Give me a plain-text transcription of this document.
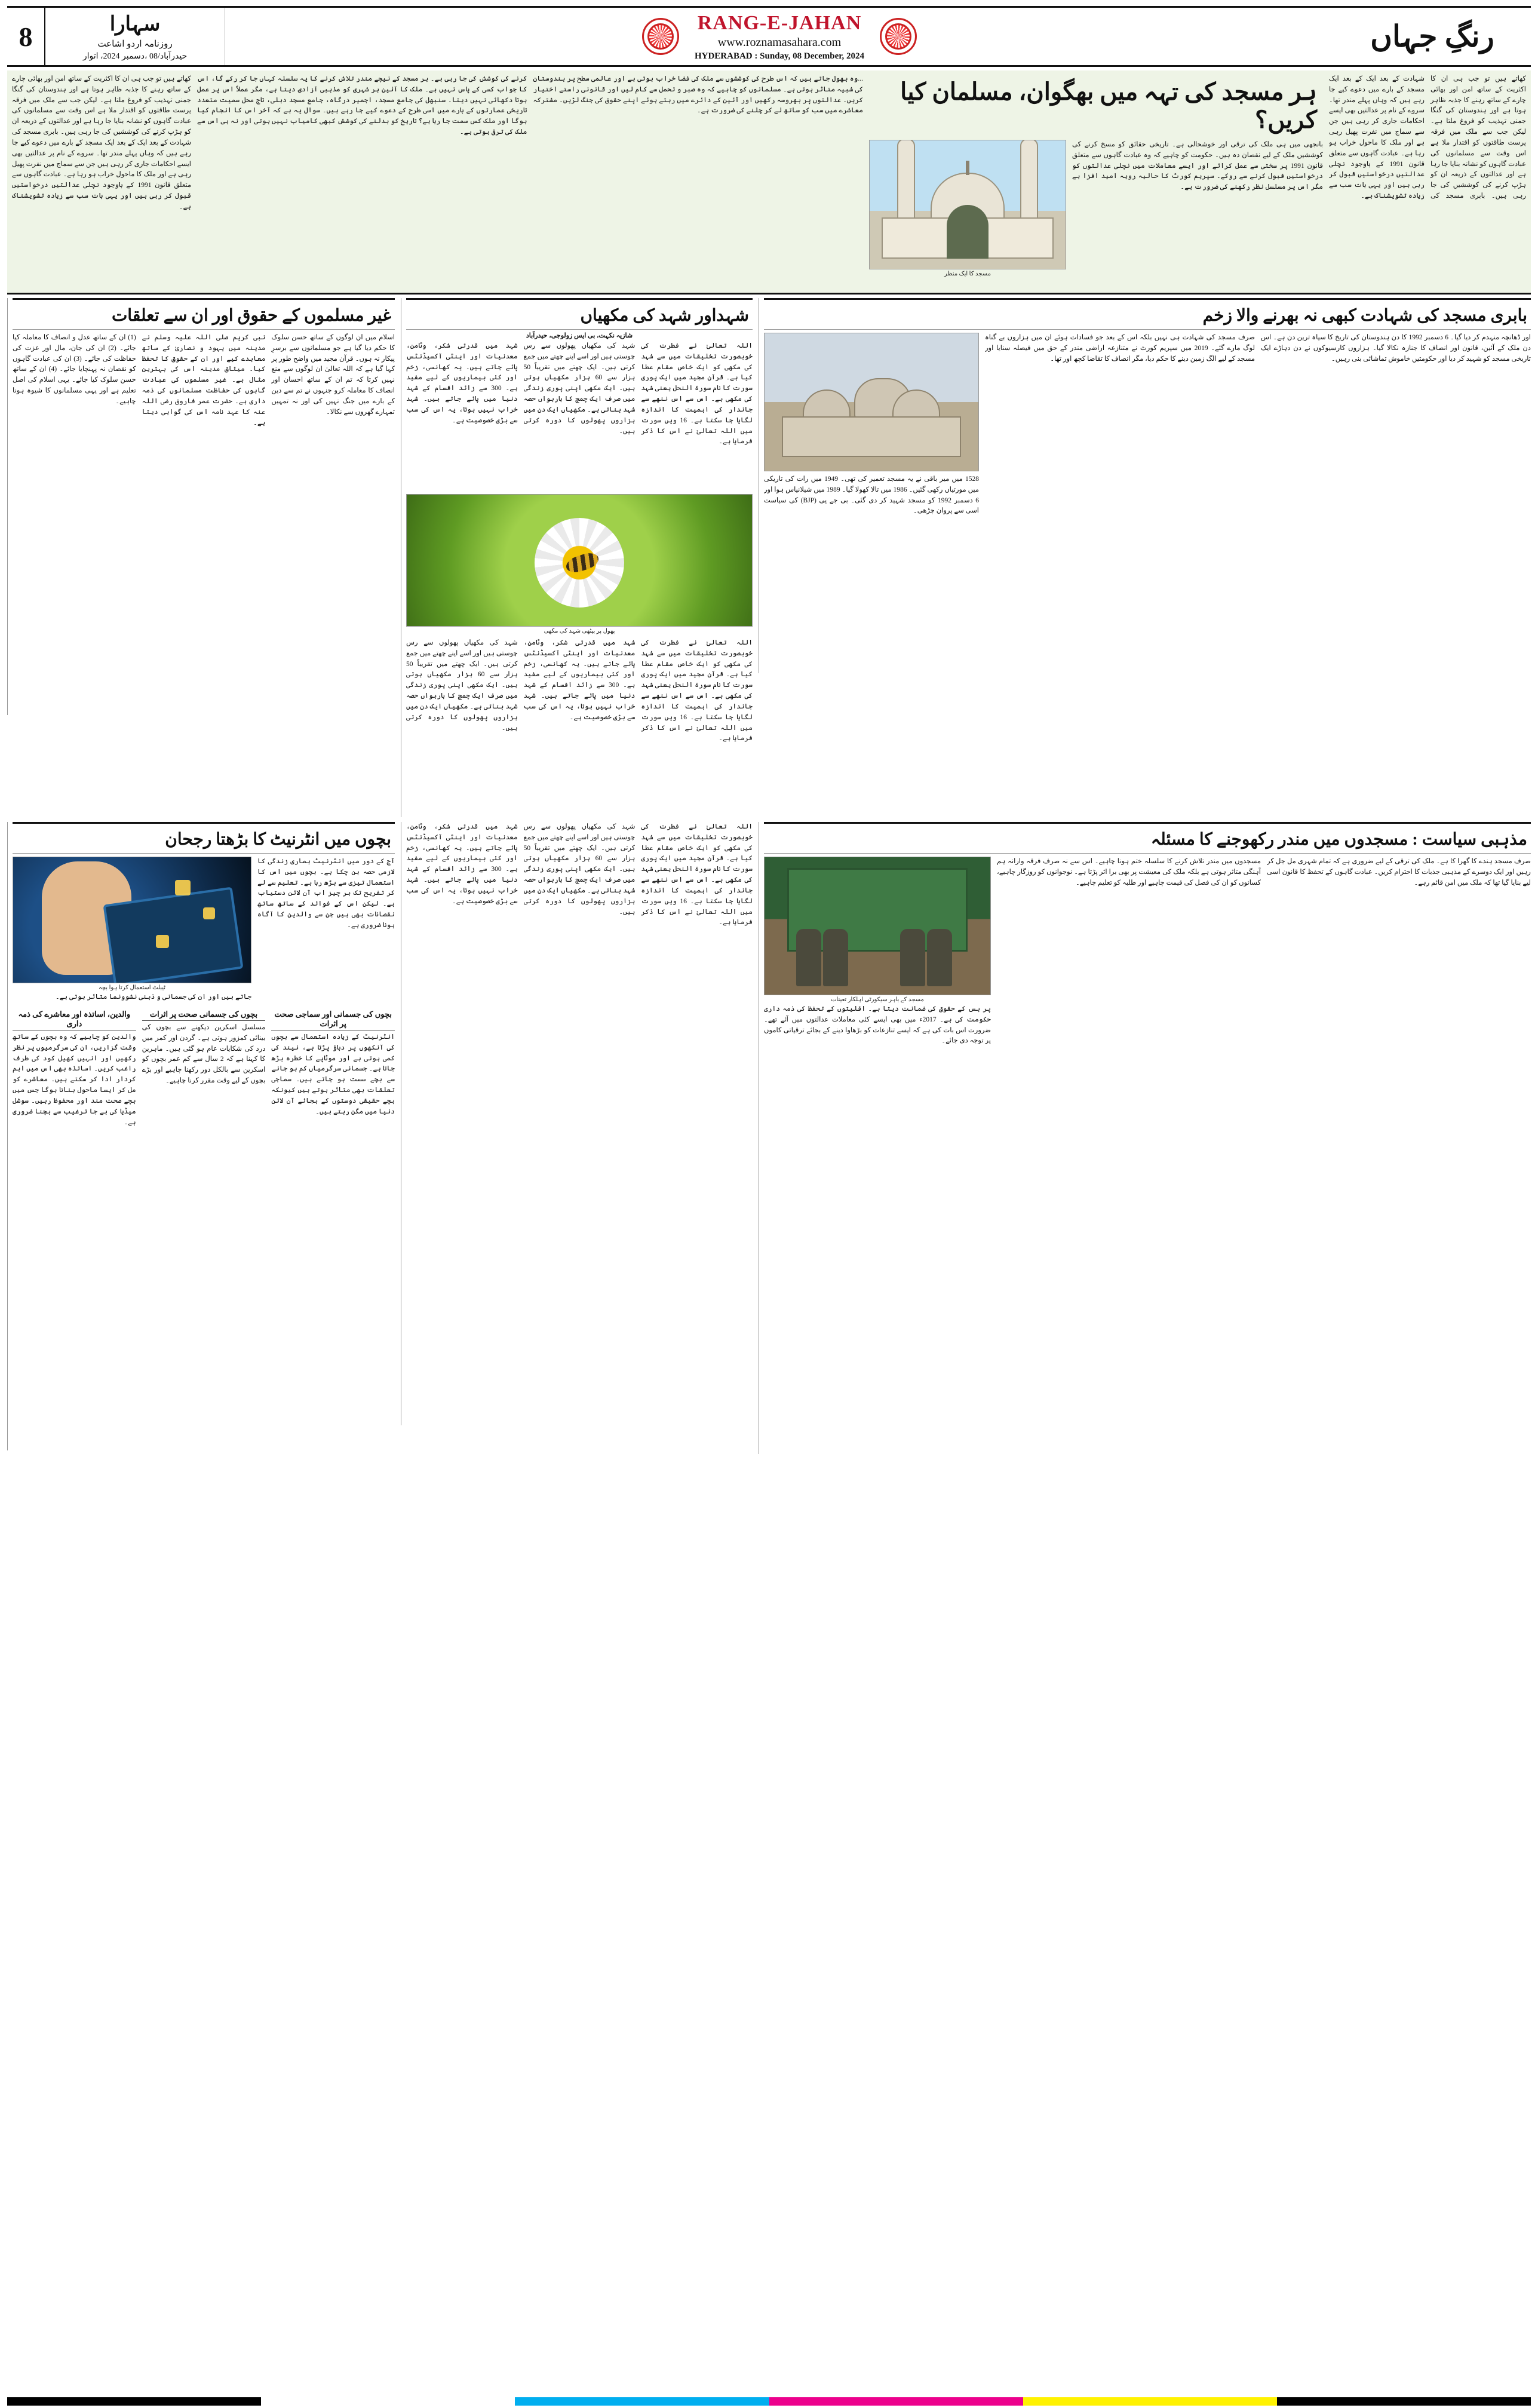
8	سہارا
روزنامہ اردو اشاعت
حیدرآباد/08 ،دسمبر 2024، اتوار
RANG-E-JAHAN
www.roznamasahara.com
HYDERABAD : Sunday, 08 December, 2024
رنگِ جہاں
کھاتے ہیں تو جب ہی ان کا اکثریت کے ساتھ امن اور بھائی چارے کے ساتھ رہنے کا جذبہ ظاہر ہوتا ہے اور ہندوستان کی گنگا جمنی تہذیب کو فروغ ملتا ہے۔ لیکن جب سے ملک میں فرقہ پرست طاقتوں کو اقتدار ملا ہے اس وقت سے مسلمانوں کی عبادت گاہوں کو نشانہ بنایا جا رہا ہے اور عدالتوں کے ذریعہ ان کو ہڑپ کرنے کی کوششیں کی جا رہی ہیں۔ بابری مسجد کی شہادت کے بعد ایک کے بعد ایک مسجد کے بارے میں دعوے کیے جا رہے ہیں کہ وہاں پہلے مندر تھا۔ سروے کے نام پر عدالتیں بھی ایسے احکامات جاری کر رہی ہیں جن سے سماج میں نفرت پھیل رہی ہے اور ملک کا ماحول خراب ہو رہا ہے۔ عبادت گاہوں سے متعلق قانون 1991 کے باوجود نچلی عدالتیں درخواستیں قبول کر رہی ہیں اور یہی بات سب سے زیادہ تشویشناک ہے۔
کرنے کی کوشش کی جا رہی ہے۔ ہر مسجد کے نیچے مندر تلاش کرنے کا یہ سلسلہ کہاں جا کر رکے گا، اس کا جواب کسی کے پاس نہیں ہے۔ ملک کا آئین ہر شہری کو مذہبی آزادی دیتا ہے، مگر عملاً اس پر عمل ہوتا دکھائی نہیں دیتا۔ سنبھل کی جامع مسجد، اجمیر درگاہ، جامع مسجد دہلی، تاج محل سمیت متعدد تاریخی عمارتوں کے بارے میں اسی طرح کے دعوے کیے جا رہے ہیں۔ سوال یہ ہے کہ آخر اس کا انجام کیا ہوگا اور ملک کس سمت جا رہا ہے؟ تاریخ کو بدلنے کی کوشش کبھی کامیاب نہیں ہوتی اور نہ ہی اس سے ملک کی ترقی ہوتی ہے۔
...وہ بھول جاتے ہیں کہ اس طرح کی کوششوں سے ملک کی فضا خراب ہوتی ہے اور عالمی سطح پر ہندوستان کی شبیہ متاثر ہوتی ہے۔ مسلمانوں کو چاہیے کہ وہ صبر و تحمل سے کام لیں اور قانونی راستے اختیار کریں۔ عدالتوں پر بھروسہ رکھیں اور آئین کے دائرے میں رہتے ہوئے اپنے حقوق کی جنگ لڑیں۔ مشترکہ معاشرے میں سب کو ساتھ لے کر چلنے کی ضرورت ہے۔
ہر مسجد کی تہہ میں بھگوان، مسلمان کیا کریں؟
مسجد کا ایک منظر
بانجھی میں ہی ملک کی ترقی اور خوشحالی ہے۔ تاریخی حقائق کو مسخ کرنے کی کوششیں ملک کے لیے نقصان دہ ہیں۔ حکومت کو چاہیے کہ وہ عبادت گاہوں سے متعلق قانون 1991 پر سختی سے عمل کرائے اور ایسے معاملات میں نچلی عدالتوں کو درخواستیں قبول کرنے سے روکے۔ سپریم کورٹ کا حالیہ رویہ امید افزا ہے مگر اس پر مسلسل نظر رکھنے کی ضرورت ہے۔
کھاتے ہیں تو جب ہی ان کا اکثریت کے ساتھ امن اور بھائی چارے کے ساتھ رہنے کا جذبہ ظاہر ہوتا ہے اور ہندوستان کی گنگا جمنی تہذیب کو فروغ ملتا ہے۔ لیکن جب سے ملک میں فرقہ پرست طاقتوں کو اقتدار ملا ہے اس وقت سے مسلمانوں کی عبادت گاہوں کو نشانہ بنایا جا رہا ہے اور عدالتوں کے ذریعہ ان کو ہڑپ کرنے کی کوششیں کی جا رہی ہیں۔ بابری مسجد کی شہادت کے بعد ایک کے بعد ایک مسجد کے بارے میں دعوے کیے جا رہے ہیں کہ وہاں پہلے مندر تھا۔ سروے کے نام پر عدالتیں بھی ایسے احکامات جاری کر رہی ہیں جن سے سماج میں نفرت پھیل رہی ہے اور ملک کا ماحول خراب ہو رہا ہے۔ عبادت گاہوں سے متعلق قانون 1991 کے باوجود نچلی عدالتیں درخواستیں قبول کر رہی ہیں اور یہی بات سب سے زیادہ تشویشناک ہے۔
غیر مسلموں کے حقوق اور ان سے تعلقات
(1) ان کے ساتھ عدل و انصاف کا معاملہ کیا جائے۔ (2) ان کی جان، مال اور عزت کی حفاظت کی جائے۔ (3) ان کی عبادت گاہوں کو نقصان نہ پہنچایا جائے۔ (4) ان کے ساتھ حسن سلوک کیا جائے۔ یہی اسلام کی اصل تعلیم ہے اور یہی مسلمانوں کا شیوہ ہونا چاہیے۔
نبی کریم صلی اللہ علیہ وسلم نے مدینہ میں یہود و نصاریٰ کے ساتھ معاہدے کیے اور ان کے حقوق کا تحفظ کیا۔ میثاق مدینہ اس کی بہترین مثال ہے۔ غیر مسلموں کی عبادت گاہوں کی حفاظت مسلمانوں کی ذمہ داری ہے۔ حضرت عمر فاروق رضی اللہ عنہ کا عہد نامہ اس کی گواہی دیتا ہے۔
اسلام میں ان لوگوں کے ساتھ حسن سلوک کا حکم دیا گیا ہے جو مسلمانوں سے برسرِ پیکار نہ ہوں۔ قرآن مجید میں واضح طور پر کہا گیا ہے کہ اللہ تعالیٰ ان لوگوں سے منع نہیں کرتا کہ تم ان کے ساتھ احسان اور انصاف کا معاملہ کرو جنہوں نے تم سے دین کے بارے میں جنگ نہیں کی اور نہ تمہیں تمہارے گھروں سے نکالا۔
شہداور شہد کی مکھیاں
شازیہ نکہت، بی ایس زولوجی، حیدرآباد
شہد میں قدرتی شکر، وٹامن، معدنیات اور اینٹی آکسیڈنٹس پائے جاتے ہیں۔ یہ کھانسی، زخم اور کئی بیماریوں کے لیے مفید ہے۔ 300 سے زائد اقسام کے شہد دنیا میں پائے جاتے ہیں۔ شہد خراب نہیں ہوتا، یہ اس کی سب سے بڑی خصوصیت ہے۔
شہد کی مکھیاں پھولوں سے رس چوستی ہیں اور اسے اپنے چھتے میں جمع کرتی ہیں۔ ایک چھتے میں تقریباً 50 ہزار سے 60 ہزار مکھیاں ہوتی ہیں۔ ایک مکھی اپنی پوری زندگی میں صرف ایک چمچ کا بارہواں حصہ شہد بناتی ہے۔ مکھیاں ایک دن میں ہزاروں پھولوں کا دورہ کرتی ہیں۔
اللہ تعالیٰ نے فطرت کی خوبصورت تخلیقات میں سے شہد کی مکھی کو ایک خاص مقام عطا کیا ہے۔ قرآن مجید میں ایک پوری سورت کا نام سورۃ النحل یعنی شہد کی مکھی ہے۔ اس سے اس ننھے سے جاندار کی اہمیت کا اندازہ لگایا جا سکتا ہے۔ 16 ویں سورت میں اللہ تعالیٰ نے اس کا ذکر فرمایا ہے۔
پھول پر بیٹھی شہد کی مکھی
شہد کی مکھیاں پھولوں سے رس چوستی ہیں اور اسے اپنے چھتے میں جمع کرتی ہیں۔ ایک چھتے میں تقریباً 50 ہزار سے 60 ہزار مکھیاں ہوتی ہیں۔ ایک مکھی اپنی پوری زندگی میں صرف ایک چمچ کا بارہواں حصہ شہد بناتی ہے۔ مکھیاں ایک دن میں ہزاروں پھولوں کا دورہ کرتی ہیں۔
شہد میں قدرتی شکر، وٹامن، معدنیات اور اینٹی آکسیڈنٹس پائے جاتے ہیں۔ یہ کھانسی، زخم اور کئی بیماریوں کے لیے مفید ہے۔ 300 سے زائد اقسام کے شہد دنیا میں پائے جاتے ہیں۔ شہد خراب نہیں ہوتا، یہ اس کی سب سے بڑی خصوصیت ہے۔
اللہ تعالیٰ نے فطرت کی خوبصورت تخلیقات میں سے شہد کی مکھی کو ایک خاص مقام عطا کیا ہے۔ قرآن مجید میں ایک پوری سورت کا نام سورۃ النحل یعنی شہد کی مکھی ہے۔ اس سے اس ننھے سے جاندار کی اہمیت کا اندازہ لگایا جا سکتا ہے۔ 16 ویں سورت میں اللہ تعالیٰ نے اس کا ذکر فرمایا ہے۔
بابری مسجد کی شہادت کبھی نہ بھرنے والا زخم
1528 میں میر باقی نے یہ مسجد تعمیر کی تھی۔ 1949 میں رات کی تاریکی میں مورتیاں رکھی گئیں۔ 1986 میں تالا کھولا گیا۔ 1989 میں شیلانیاس ہوا اور 6 دسمبر 1992 کو مسجد شہید کر دی گئی۔ بی جے پی (BJP) کی سیاست اسی سے پروان چڑھی۔
صرف مسجد کی شہادت ہی نہیں بلکہ اس کے بعد جو فسادات ہوئے ان میں ہزاروں بے گناہ لوگ مارے گئے۔ 2019 میں سپریم کورٹ نے متنازعہ اراضی مندر کے حق میں فیصلہ سنایا اور مسجد کے لیے الگ زمین دینے کا حکم دیا، مگر انصاف کا تقاضا کچھ اور تھا۔
اور ڈھانچہ منہدم کر دیا گیا۔ 6 دسمبر 1992 کا دن ہندوستان کی تاریخ کا سیاہ ترین دن ہے۔ اس دن ملک کے آئین، قانون اور انصاف کا جنازہ نکالا گیا۔ ہزاروں کارسیوکوں نے دن دہاڑے ایک تاریخی مسجد کو شہید کر دیا اور حکومتیں خاموش تماشائی بنی رہیں۔
بچوں میں انٹرنیٹ کا بڑھتا رجحان
ٹیبلٹ استعمال کرتا ہوا بچہ
جاتے ہیں اور ان کی جسمانی و ذہنی نشوونما متاثر ہوتی ہے۔
آج کے دور میں انٹرنیٹ ہماری زندگی کا لازمی حصہ بن چکا ہے۔ بچوں میں اس کا استعمال تیزی سے بڑھ رہا ہے۔ تعلیم سے لے کر تفریح تک ہر چیز اب آن لائن دستیاب ہے۔ لیکن اس کے فوائد کے ساتھ ساتھ نقصانات بھی ہیں جن سے والدین کا آگاہ ہونا ضروری ہے۔
والدین، اساتذہ اور معاشرے کی ذمہ داری
والدین کو چاہیے کہ وہ بچوں کے ساتھ وقت گزاریں، ان کی سرگرمیوں پر نظر رکھیں اور انہیں کھیل کود کی طرف راغب کریں۔ اساتذہ بھی اس میں اہم کردار ادا کر سکتے ہیں۔ معاشرے کو مل کر ایسا ماحول بنانا ہوگا جس میں بچے صحت مند اور محفوظ رہیں۔ سوشل میڈیا کی بے جا ترغیب سے بچنا ضروری ہے۔
بچوں کی جسمانی صحت پر اثرات
مسلسل اسکرین دیکھنے سے بچوں کی بینائی کمزور ہوتی ہے۔ گردن اور کمر میں درد کی شکایات عام ہو گئی ہیں۔ ماہرین کا کہنا ہے کہ 2 سال سے کم عمر بچوں کو اسکرین سے بالکل دور رکھنا چاہیے اور بڑے بچوں کے لیے وقت مقرر کرنا چاہیے۔
بچوں کی جسمانی اور سماجی صحت پر اثرات
انٹرنیٹ کے زیادہ استعمال سے بچوں کی آنکھوں پر دباؤ پڑتا ہے، نیند کی کمی ہوتی ہے اور موٹاپے کا خطرہ بڑھ جاتا ہے۔ جسمانی سرگرمیاں کم ہو جانے سے بچے سست ہو جاتے ہیں۔ سماجی تعلقات بھی متاثر ہوتے ہیں کیونکہ بچے حقیقی دوستوں کے بجائے آن لائن دنیا میں مگن رہتے ہیں۔
شہد میں قدرتی شکر، وٹامن، معدنیات اور اینٹی آکسیڈنٹس پائے جاتے ہیں۔ یہ کھانسی، زخم اور کئی بیماریوں کے لیے مفید ہے۔ 300 سے زائد اقسام کے شہد دنیا میں پائے جاتے ہیں۔ شہد خراب نہیں ہوتا، یہ اس کی سب سے بڑی خصوصیت ہے۔
شہد کی مکھیاں پھولوں سے رس چوستی ہیں اور اسے اپنے چھتے میں جمع کرتی ہیں۔ ایک چھتے میں تقریباً 50 ہزار سے 60 ہزار مکھیاں ہوتی ہیں۔ ایک مکھی اپنی پوری زندگی میں صرف ایک چمچ کا بارہواں حصہ شہد بناتی ہے۔ مکھیاں ایک دن میں ہزاروں پھولوں کا دورہ کرتی ہیں۔
اللہ تعالیٰ نے فطرت کی خوبصورت تخلیقات میں سے شہد کی مکھی کو ایک خاص مقام عطا کیا ہے۔ قرآن مجید میں ایک پوری سورت کا نام سورۃ النحل یعنی شہد کی مکھی ہے۔ اس سے اس ننھے سے جاندار کی اہمیت کا اندازہ لگایا جا سکتا ہے۔ 16 ویں سورت میں اللہ تعالیٰ نے اس کا ذکر فرمایا ہے۔
مذہبی سیاست : مسجدوں میں مندر رکھوجنے کا مسئلہ
مسجد کے باہر سیکورٹی اہلکار تعینات
پر بس کے حقوق کی ضمانت دیتا ہے۔ اقلیتوں کے تحفظ کی ذمہ داری حکومت کی ہے۔ 2017ء میں بھی ایسے کئی معاملات عدالتوں میں آئے تھے۔ ضرورت اس بات کی ہے کہ ایسے تنازعات کو بڑھاوا دینے کے بجائے ترقیاتی کاموں پر توجہ دی جائے۔
مسجدوں میں مندر تلاش کرنے کا سلسلہ ختم ہونا چاہیے۔ اس سے نہ صرف فرقہ وارانہ ہم آہنگی متاثر ہوتی ہے بلکہ ملک کی معیشت پر بھی برا اثر پڑتا ہے۔ نوجوانوں کو روزگار چاہیے، کسانوں کو ان کی فصل کی قیمت چاہیے اور طلبہ کو تعلیم چاہیے۔
صرف مسجد ہندے کا گھرا کا ہے۔ ملک کی ترقی کے لیے ضروری ہے کہ تمام شہری مل جل کر رہیں اور ایک دوسرے کے مذہبی جذبات کا احترام کریں۔ عبادت گاہوں کے تحفظ کا قانون اسی لیے بنایا گیا تھا کہ ملک میں امن قائم رہے۔
